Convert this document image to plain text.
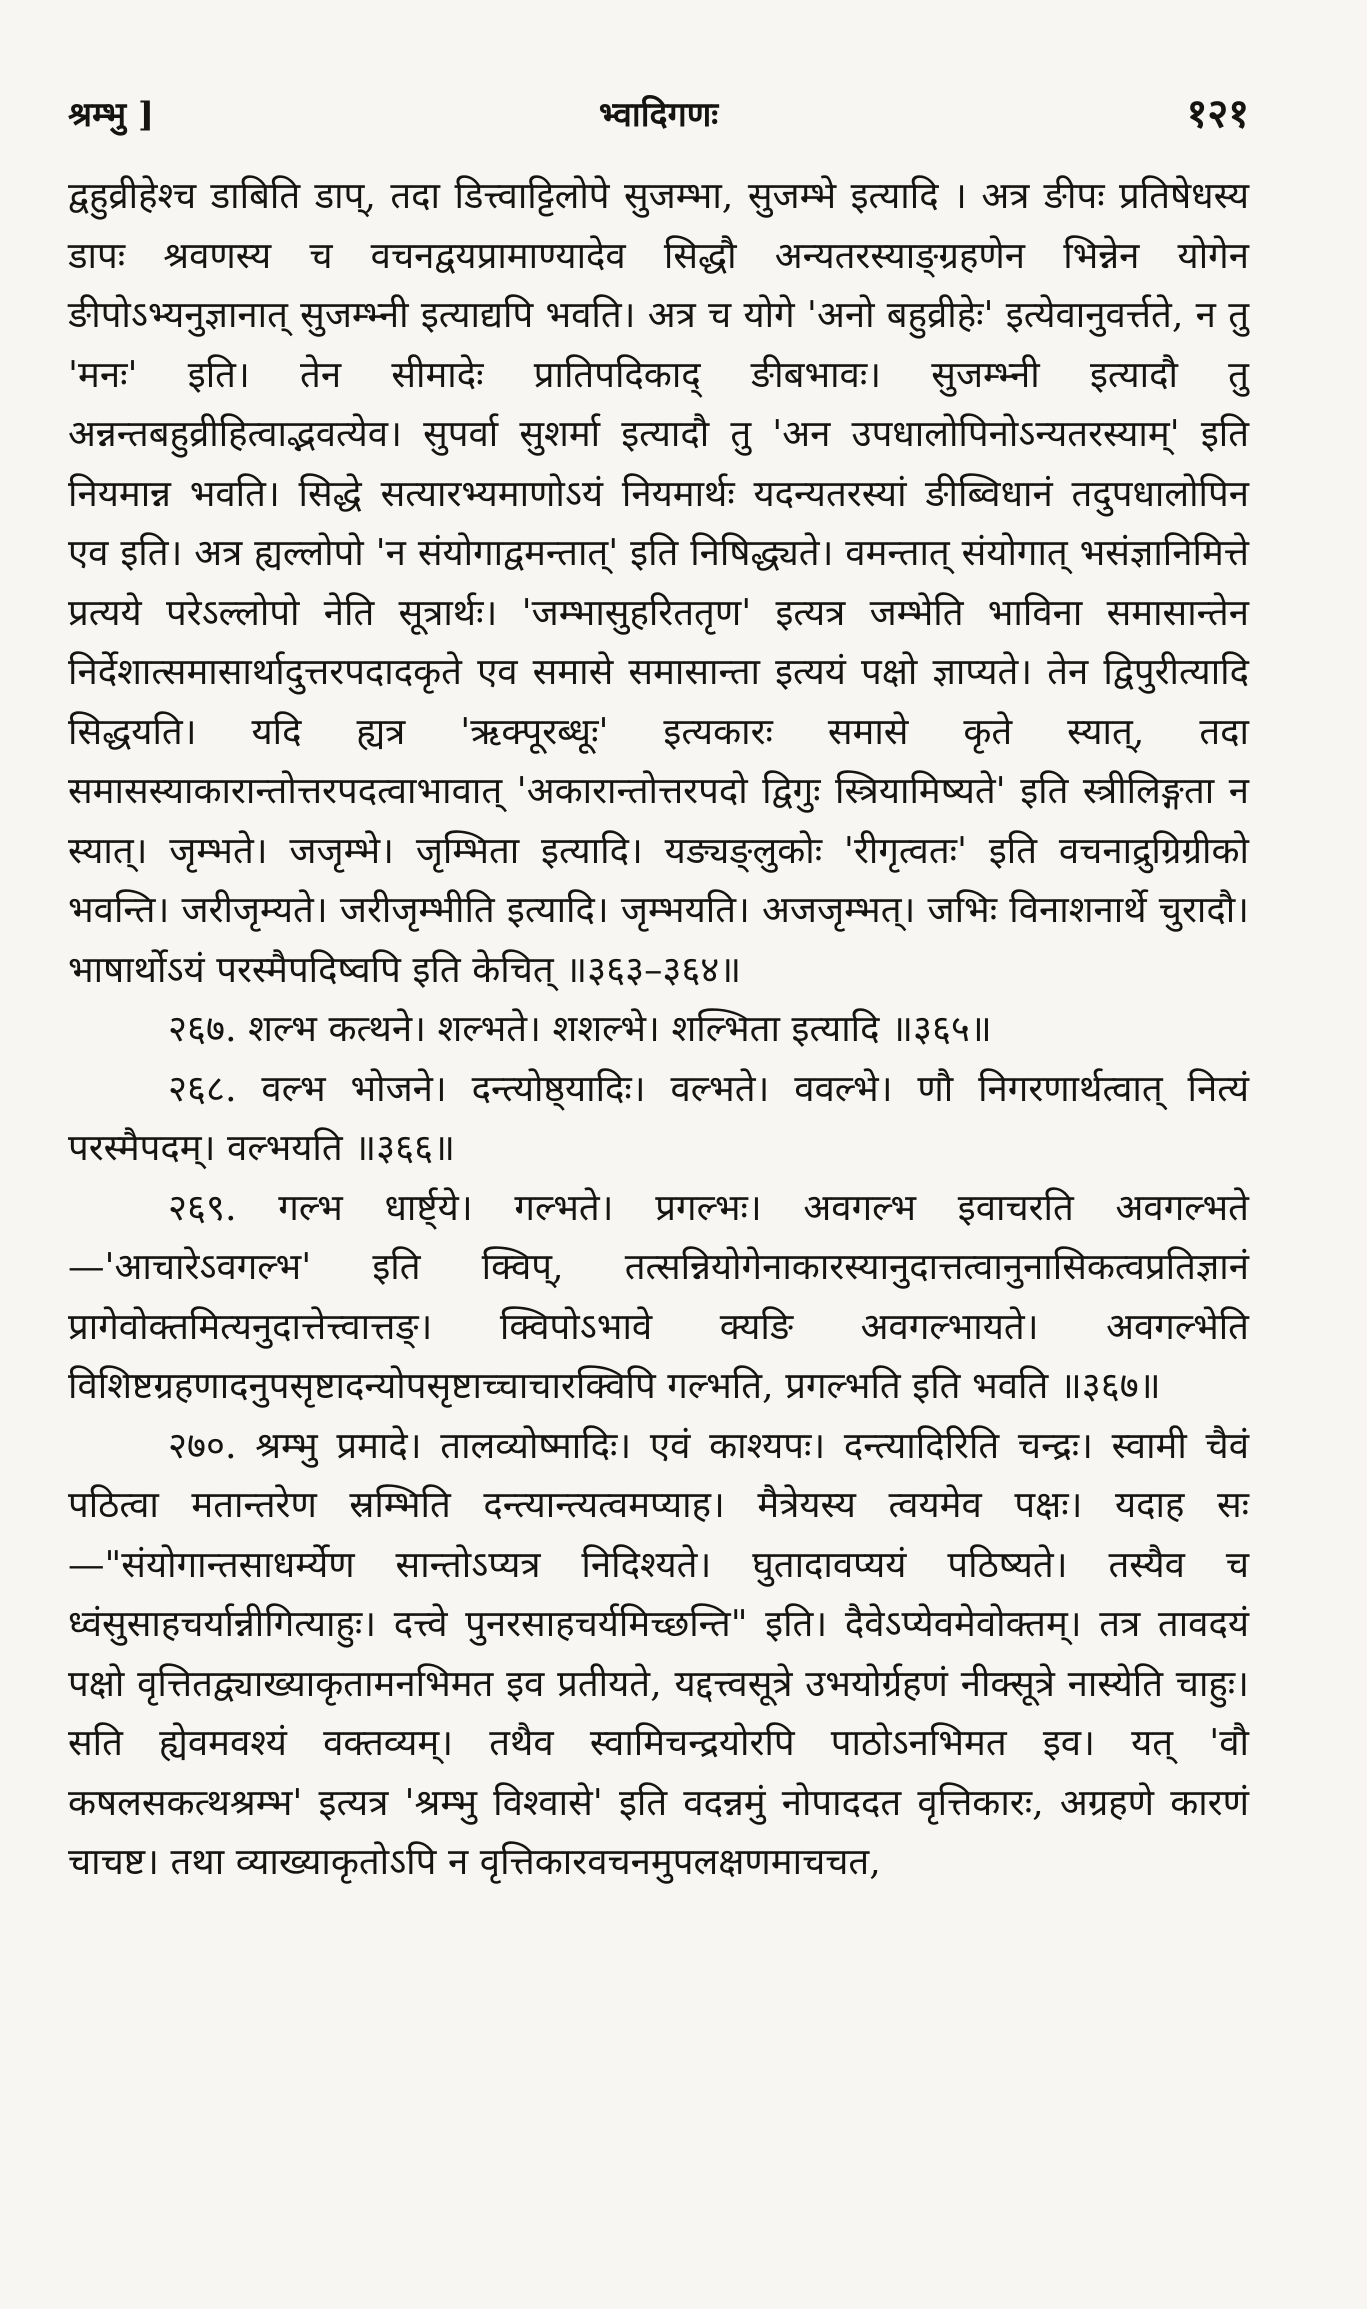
श्रम्भु ]	भ्वादिगणः	१२१

द्वहुव्रीहेश्च डाबिति डाप्, तदा डित्त्वाट्टिलोपे सुजम्भा, सुजम्भे इत्यादि । अत्र ङीपः प्रतिषेधस्य डापः श्रवणस्य च वचनद्वयप्रामाण्यादेव सिद्धौ अन्यतरस्याङ्ग्रहणेन भिन्नेन योगेन ङीपोऽभ्यनुज्ञानात् सुजम्भ्नी इत्याद्यपि भवति। अत्र च योगे 'अनो बहुव्रीहेः' इत्येवानुवर्त्तते, न तु 'मनः' इति। तेन सीमादेः प्रातिपदिकाद् ङीबभावः। सुजम्भ्नी इत्यादौ तु अन्नन्तबहुव्रीहित्वाद्भवत्येव। सुपर्वा सुशर्मा इत्यादौ तु 'अन उपधालोपिनोऽन्यतरस्याम्' इति नियमान्न भवति। सिद्धे सत्यारभ्यमाणोऽयं नियमार्थः यदन्यतरस्यां ङीब्विधानं तदुपधालोपिन एव इति। अत्र ह्यल्लोपो 'न संयोगाद्वमन्तात्' इति निषिद्ध्यते। वमन्तात् संयोगात् भसंज्ञानिमित्ते प्रत्यये परेऽल्लोपो नेति सूत्रार्थः। 'जम्भासुहरिततृण' इत्यत्र जम्भेति भाविना समासान्तेन निर्देशात्समासार्थादुत्तरपदादकृते एव समासे समासान्ता इत्ययं पक्षो ज्ञाप्यते। तेन द्विपुरीत्यादि सिद्धयति। यदि ह्यत्र 'ऋक्पूरब्धूः' इत्यकारः समासे कृते स्यात्, तदा समासस्याकारान्तोत्तरपदत्वाभावात् 'अकारान्तोत्तरपदो द्विगुः स्त्रियामिष्यते' इति स्त्रीलिङ्गता न स्यात्। जृम्भते। जजृम्भे। जृम्भिता इत्यादि। यङ्यङ्लुकोः 'रीगृत्वतः' इति वचनाद्रुग्रिग्रीको भवन्ति। जरीजृम्यते। जरीजृम्भीति इत्यादि। जृम्भयति। अजजृम्भत्। जभिः विनाशनार्थे चुरादौ। भाषार्थोऽयं परस्मैपदिष्वपि इति केचित् ॥३६३–३६४॥

२६७. शल्भ कत्थने। शल्भते। शशल्भे। शल्भिता इत्यादि ॥३६५॥

२६८. वल्भ भोजने। दन्त्योष्ठ्यादिः। वल्भते। ववल्भे। णौ निगरणार्थत्वात् नित्यं परस्मैपदम्। वल्भयति ॥३६६॥

२६९. गल्भ धार्ष्ट्ये। गल्भते। प्रगल्भः। अवगल्भ इवाचरति अवगल्भते—'आचारेऽवगल्भ' इति क्विप्, तत्सन्नियोगेनाकारस्यानुदात्तत्वानुनासिकत्वप्रतिज्ञानं प्रागेवोक्तमित्यनुदात्तेत्त्वात्तङ्। क्विपोऽभावे क्यङि अवगल्भायते। अवगल्भेति विशिष्टग्रहणादनुपसृष्टादन्योपसृष्टाच्चाचारक्विपि गल्भति, प्रगल्भति इति भवति ॥३६७॥

२७०. श्रम्भु प्रमादे। तालव्योष्मादिः। एवं काश्यपः। दन्त्यादिरिति चन्द्रः। स्वामी चैवं पठित्वा मतान्तरेण स्रम्भिति दन्त्यान्त्यत्वमप्याह। मैत्रेयस्य त्वयमेव पक्षः। यदाह सः—"संयोगान्तसाधर्म्येण सान्तोऽप्यत्र निदिश्यते। घुतादावप्ययं पठिष्यते। तस्यैव च ध्वंसुसाहचर्यान्नीगित्याहुः। दत्त्वे पुनरसाहचर्यमिच्छन्ति" इति। दैवेऽप्येवमेवोक्तम्। तत्र तावदयं पक्षो वृत्तितद्व्याख्याकृतामनभिमत इव प्रतीयते, यद्दत्त्वसूत्रे उभयोर्ग्रहणं नीक्सूत्रे नास्येति चाहुः। सति ह्येवमवश्यं वक्तव्यम्। तथैव स्वामिचन्द्रयोरपि पाठोऽनभिमत इव। यत् 'वौ कषलसकत्थश्रम्भ' इत्यत्र 'श्रम्भु विश्वासे' इति वदन्नमुं नोपाददत वृत्तिकारः, अग्रहणे कारणं चाचष्ट। तथा व्याख्याकृतोऽपि न वृत्तिकारवचनमुपलक्षणमाचचत,
